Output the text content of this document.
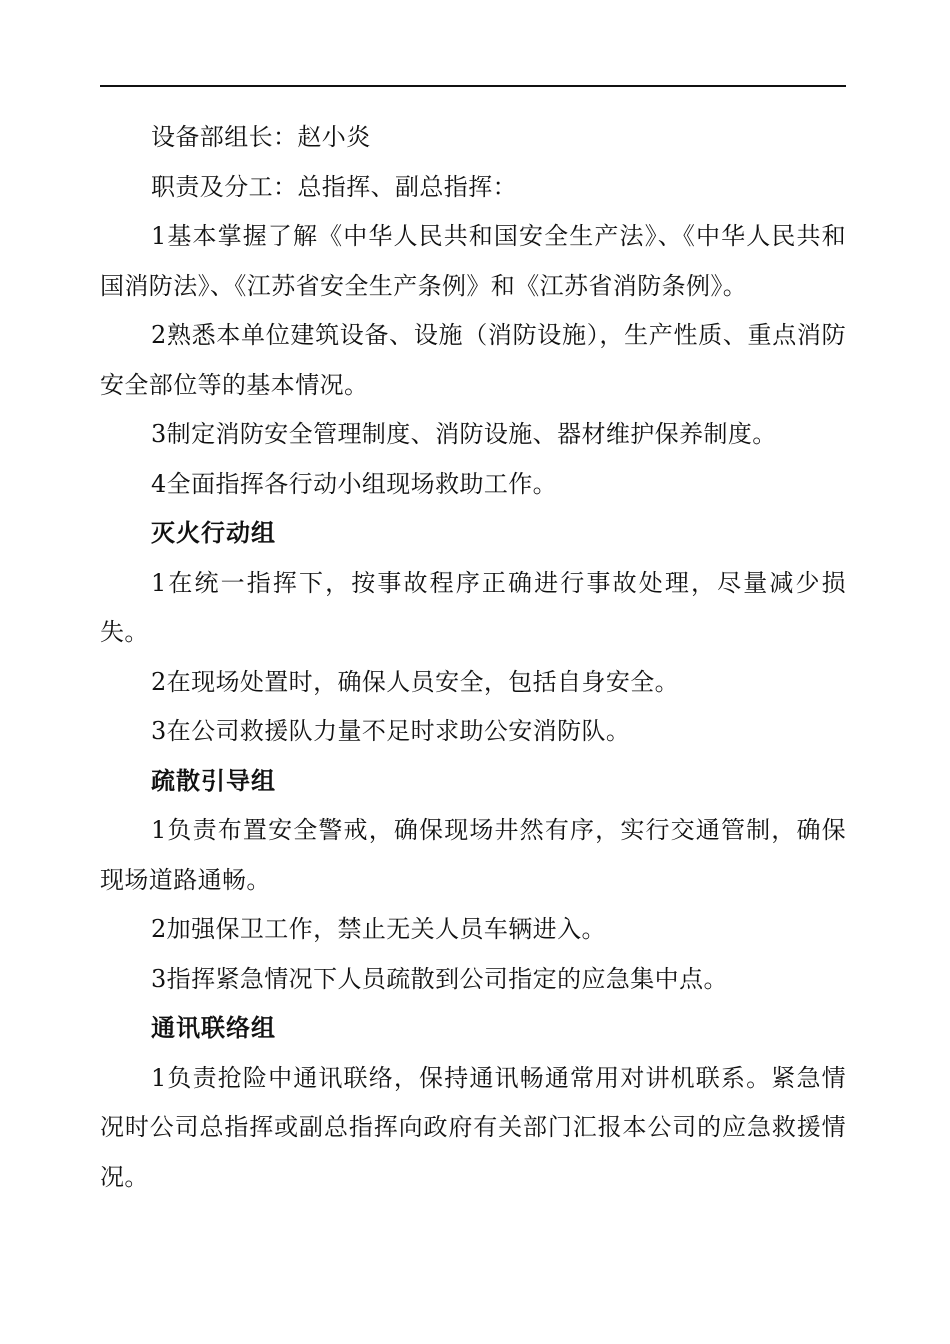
设备部组长：赵小炎

职责及分工：总指挥、副总指挥：

1基本掌握了解《中华人民共和国安全生产法》、《中华人民共和国消防法》、《江苏省安全生产条例》和《江苏省消防条例》。

2熟悉本单位建筑设备、设施（消防设施），生产性质、重点消防安全部位等的基本情况。

3制定消防安全管理制度、消防设施、器材维护保养制度。

4全面指挥各行动小组现场救助工作。

灭火行动组

1在统一指挥下，按事故程序正确进行事故处理，尽量减少损失。

2在现场处置时，确保人员安全，包括自身安全。

3在公司救援队力量不足时求助公安消防队。

疏散引导组

1负责布置安全警戒，确保现场井然有序，实行交通管制，确保现场道路通畅。

2加强保卫工作，禁止无关人员车辆进入。

3指挥紧急情况下人员疏散到公司指定的应急集中点。

通讯联络组

1负责抢险中通讯联络，保持通讯畅通常用对讲机联系。紧急情况时公司总指挥或副总指挥向政府有关部门汇报本公司的应急救援情况。
